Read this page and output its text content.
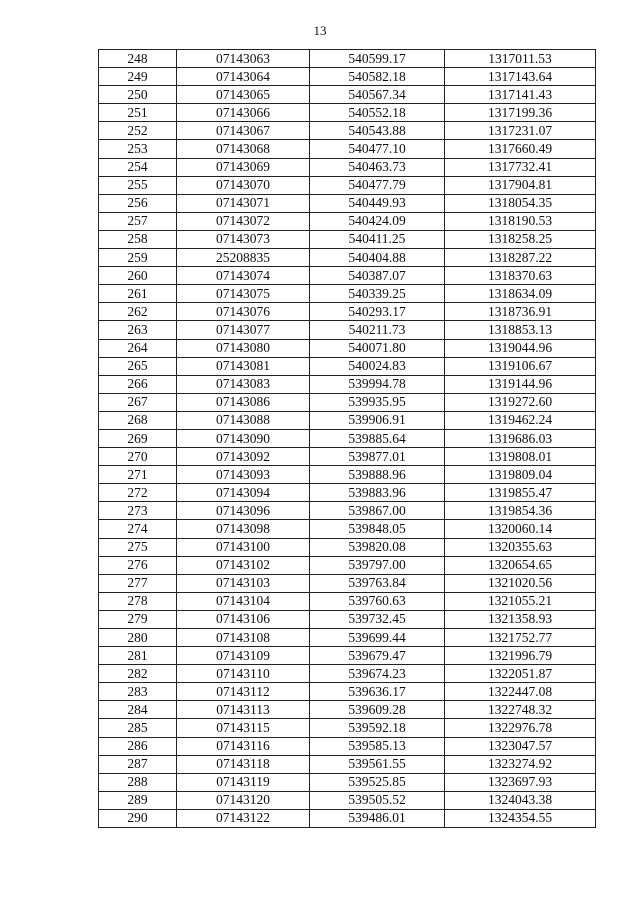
13
248	07143063	540599.17	1317011.53
249	07143064	540582.18	1317143.64
250	07143065	540567.34	1317141.43
251	07143066	540552.18	1317199.36
252	07143067	540543.88	1317231.07
253	07143068	540477.10	1317660.49
254	07143069	540463.73	1317732.41
255	07143070	540477.79	1317904.81
256	07143071	540449.93	1318054.35
257	07143072	540424.09	1318190.53
258	07143073	540411.25	1318258.25
259	25208835	540404.88	1318287.22
260	07143074	540387.07	1318370.63
261	07143075	540339.25	1318634.09
262	07143076	540293.17	1318736.91
263	07143077	540211.73	1318853.13
264	07143080	540071.80	1319044.96
265	07143081	540024.83	1319106.67
266	07143083	539994.78	1319144.96
267	07143086	539935.95	1319272.60
268	07143088	539906.91	1319462.24
269	07143090	539885.64	1319686.03
270	07143092	539877.01	1319808.01
271	07143093	539888.96	1319809.04
272	07143094	539883.96	1319855.47
273	07143096	539867.00	1319854.36
274	07143098	539848.05	1320060.14
275	07143100	539820.08	1320355.63
276	07143102	539797.00	1320654.65
277	07143103	539763.84	1321020.56
278	07143104	539760.63	1321055.21
279	07143106	539732.45	1321358.93
280	07143108	539699.44	1321752.77
281	07143109	539679.47	1321996.79
282	07143110	539674.23	1322051.87
283	07143112	539636.17	1322447.08
284	07143113	539609.28	1322748.32
285	07143115	539592.18	1322976.78
286	07143116	539585.13	1323047.57
287	07143118	539561.55	1323274.92
288	07143119	539525.85	1323697.93
289	07143120	539505.52	1324043.38
290	07143122	539486.01	1324354.55
